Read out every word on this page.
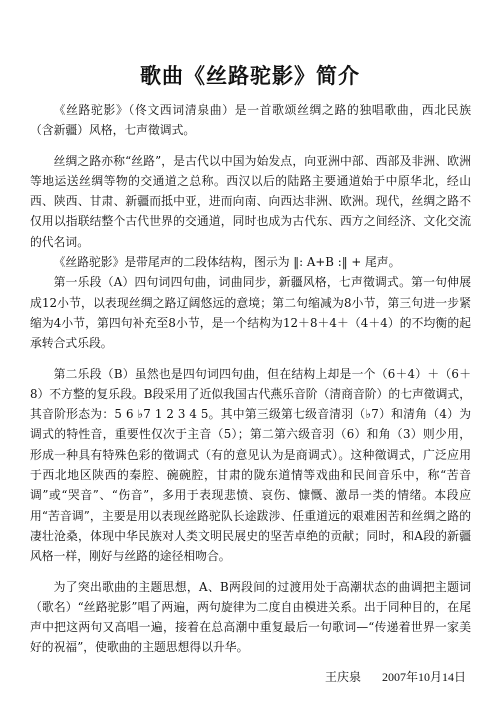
歌曲《丝路驼影》简介

《丝路驼影》（佟文西词清泉曲）是一首歌颂丝绸之路的独唱歌曲，西北民族（含新疆）风格，七声徵调式。

丝绸之路亦称“丝路”，是古代以中国为始发点，向亚洲中部、西部及非洲、欧洲等地运送丝绸等物的交通道之总称。西汉以后的陆路主要通道始于中原华北，经山西、陕西、甘肃、新疆而抵中亚，进而向南、向西达非洲、欧洲。现代，丝绸之路不仅用以指联结整个古代世界的交通道，同时也成为古代东、西方之间经济、文化交流的代名词。

《丝路驼影》是带尾声的二段体结构，图示为 ‖: A+B :‖ + 尾声。

第一乐段（A）四句词四句曲，词曲同步，新疆风格，七声徵调式。第一句伸展成12小节，以表现丝绸之路辽阔悠远的意境；第二句缩减为8小节，第三句进一步紧缩为4小节，第四句补充至8小节，是一个结构为12＋8＋4＋（4＋4）的不均衡的起承转合式乐段。

第二乐段（B）虽然也是四句词四句曲，但在结构上却是一个（6＋4）＋（6＋8）不方整的复乐段。B段采用了近似我国古代燕乐音阶（清商音阶）的七声徵调式，其音阶形态为：5 6 ♭7 1 2 3 4 5。其中第三级第七级音清羽（♭7）和清角（4）为调式的特性音，重要性仅次于主音（5）；第二第六级音羽（6）和角（3）则少用，形成一种具有特殊色彩的徵调式（有的意见认为是商调式）。这种徵调式，广泛应用于西北地区陕西的秦腔、碗碗腔，甘肃的陇东道情等戏曲和民间音乐中，称“苦音调”或“哭音”、“伤音”，多用于表现悲愤、哀伤、慷慨、激昂一类的情绪。本段应用“苦音调”，主要是用以表现丝路驼队长途跋涉、任重道远的艰难困苦和丝绸之路的凄壮沧桑，体现中华民族对人类文明民展史的坚苦卓绝的贡献；同时，和A段的新疆风格一样，刚好与丝路的途径相吻合。

为了突出歌曲的主题思想，A、B两段间的过渡用处于高潮状态的曲调把主题词（歌名）“丝路驼影”唱了两遍，两句旋律为二度自由模进关系。出于同种目的，在尾声中把这两句又高唱一遍，接着在总高潮中重复最后一句歌词—“传递着世界一家美好的祝福”，使歌曲的主题思想得以升华。

王庆泉 2007年10月14日
